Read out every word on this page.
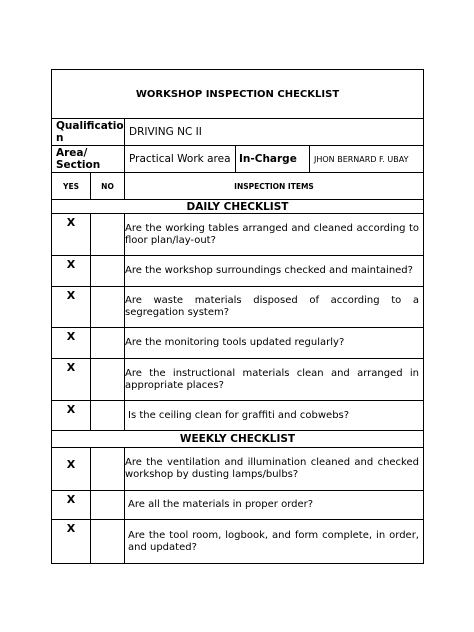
WORKSHOP INSPECTION CHECKLIST				
Qualificatio n		DRIVING NC II		
Area/ Section		Practical Work area	In-Charge	JHON BERNARD F. UBAY
YES	NO	INSPECTION ITEMS		
DAILY CHECKLIST				
X		Are the working tables arranged and cleaned according to floor plan/lay-out?		

X		Are the workshop surroundings checked and maintained?		

X		Are waste materials disposed of according to a segregation system?		

X		Are the monitoring tools updated regularly?		

X		Are the instructional materials clean and arranged in appropriate places?		

X		Is the ceiling clean for graffiti and cobwebs?		

WEEKLY CHECKLIST				
X		Are the ventilation and illumination cleaned and checked workshop by dusting lamps/bulbs?		

X		Are all the materials in proper order?		

X		Are the tool room, logbook, and form complete, in order, and updated?		
